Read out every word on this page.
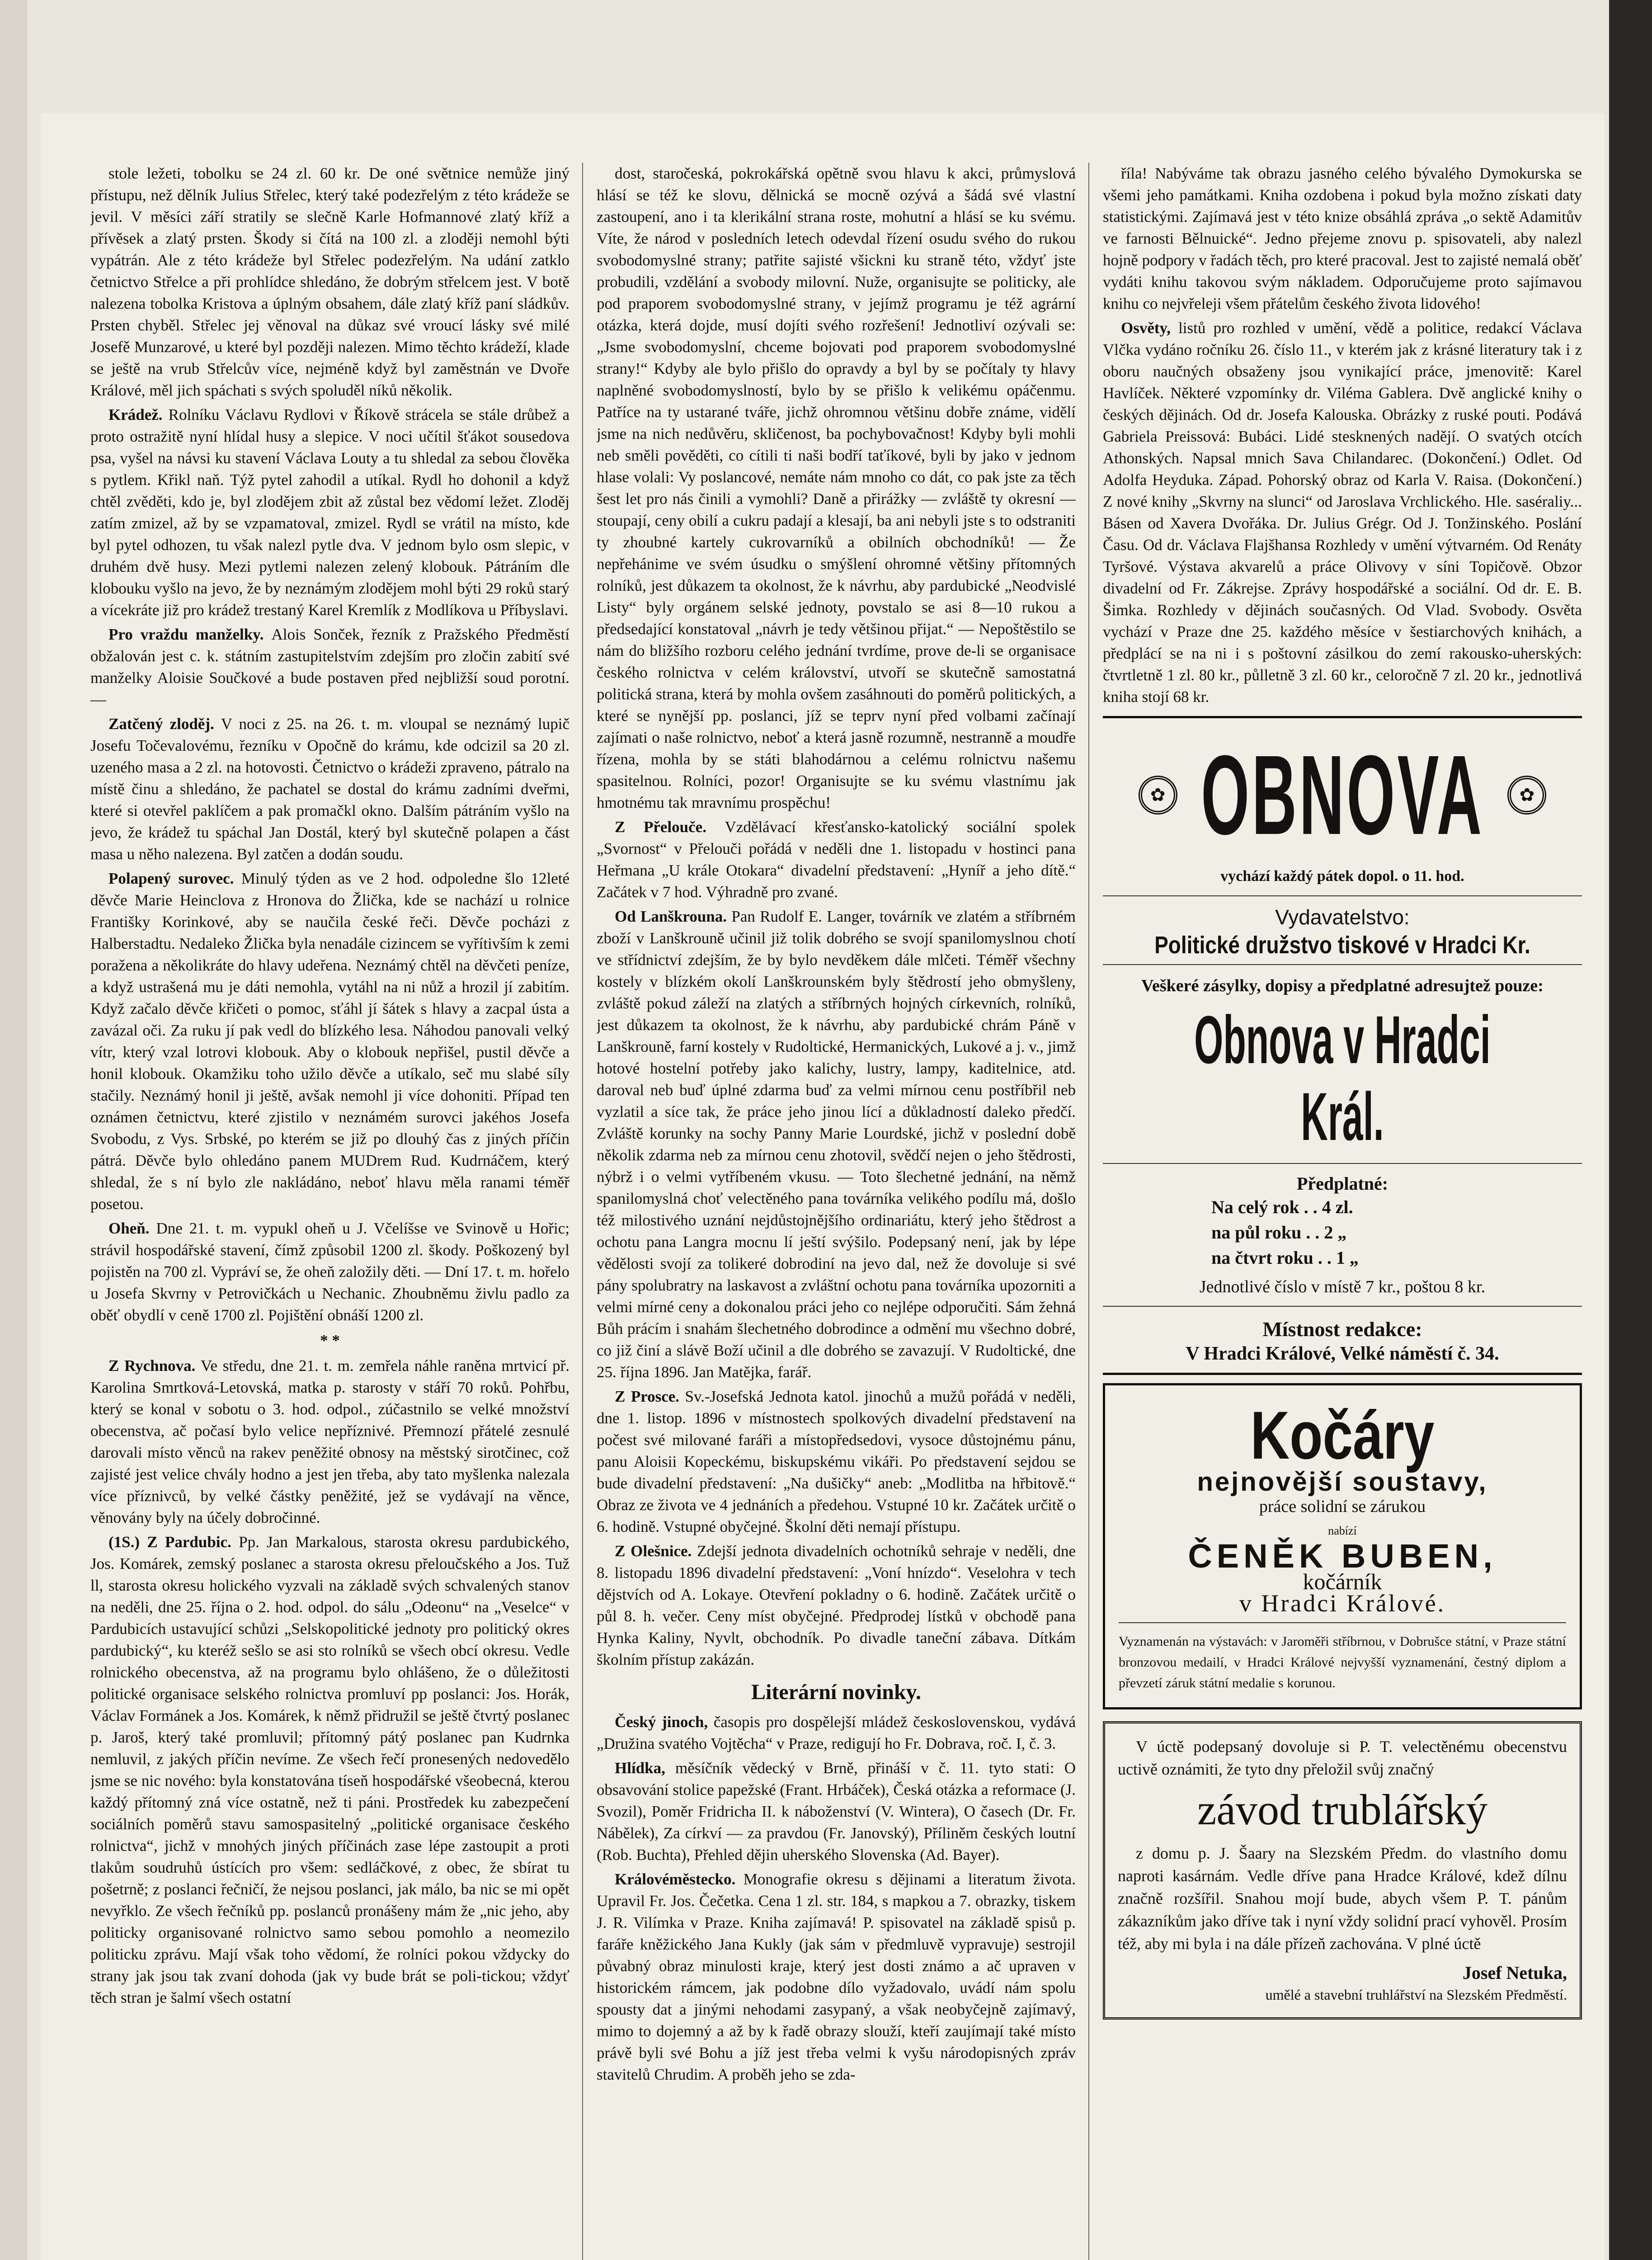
stole ležeti, tobolku se 24 zl. 60 kr. De oné světnice nemůže jiný přístupu, než dělník Julius Střelec, který také podezřelým z této krádeže se jevil. V měsíci září stratily se slečně Karle Hofmannové zlatý kříž a přívěsek a zlatý prsten. Škody si čítá na 100 zl. a zloději nemohl býti vypátrán. Ale z této krádeže byl Střelec podezřelým. Na udání zatklo četnictvo Střelce a při prohlídce shledáno, že dobrým střelcem jest. V botě nalezena tobolka Kristova a úplným obsahem, dále zlatý kříž paní sládkův. Prsten chyběl. Střelec jej věnoval na důkaz své vroucí lásky své milé Josefě Munzarové, u které byl později nalezen. Mimo těchto krádeží, klade se ještě na vrub Střelcův více, nejméně když byl zaměstnán ve Dvoře Králové, měl jich spáchati s svých spoluděl níků několik.

Krádež. Rolníku Václavu Rydlovi v Říkově strácela se stále drůbež a proto ostražitě nyní hlídal husy a slepice. V noci učítil šťákot sousedova psa, vyšel na návsi ku stavení Václava Louty a tu shledal za sebou člověka s pytlem. Křikl naň. Týž pytel zahodil a utíkal. Rydl ho dohonil a když chtěl zvěděti, kdo je, byl zlodějem zbit až zůstal bez vědomí ležet. Zloděj zatím zmizel, až by se vzpamatoval, zmizel. Rydl se vrátil na místo, kde byl pytel odhozen, tu však nalezl pytle dva. V jednom bylo osm slepic, v druhém dvě husy. Mezi pytlemi nalezen zelený klobouk. Pátráním dle klobouku vyšlo na jevo, že by neznámým zlodějem mohl býti 29 roků starý a vícekráte již pro krádež trestaný Karel Kremlík z Modlíkova u Příbyslavi.

Pro vraždu manželky. Alois Sonček, řezník z Pražského Předměstí obžalován jest c. k. státním zastupitelstvím zdejším pro zločin zabití své manželky Aloisie Součkové a bude postaven před nejbližší soud porotní. —

Zatčený zloděj. V noci z 25. na 26. t. m. vloupal se neznámý lupič Josefu Točevalovému, řezníku v Opočně do krámu, kde odcizil sa 20 zl. uzeného masa a 2 zl. na hotovosti. Četnictvo o krádeži zpraveno, pátralo na místě činu a shledáno, že pachatel se dostal do krámu zadními dveřmi, které si otevřel paklíčem a pak promačkl okno. Dalším pátráním vyšlo na jevo, že krádež tu spáchal Jan Dostál, který byl skutečně polapen a část masa u něho nalezena. Byl zatčen a dodán soudu.

Polapený surovec. Minulý týden as ve 2 hod. odpoledne šlo 12leté děvče Marie Heinclova z Hronova do Žlička, kde se nachází u rolnice Františky Korinkové, aby se naučila české řeči. Děvče pocházi z Halberstadtu. Nedaleko Žlička byla nenadále cizincem se vyřítivším k zemi poražena a několikráte do hlavy udeřena. Neznámý chtěl na děvčeti peníze, a když ustrašená mu je dáti nemohla, vytáhl na ni nůž a hrozil jí zabitím. Když začalo děvče křičeti o pomoc, sťáhl jí šátek s hlavy a zacpal ústa a zavázal oči. Za ruku jí pak vedl do blízkého lesa. Náhodou panovali velký vítr, který vzal lotrovi klobouk. Aby o klobouk nepřišel, pustil děvče a honil klobouk. Okamžiku toho užilo děvče a utíkalo, seč mu slabé síly stačily. Neznámý honil ji ještě, avšak nemohl ji více dohoniti. Případ ten oznámen četnictvu, které zjistilo v neznámém surovci jakéhos Josefa Svobodu, z Vys. Srbské, po kterém se již po dlouhý čas z jiných příčin pátrá. Děvče bylo ohledáno panem MUDrem Rud. Kudrnáčem, který shledal, že s ní bylo zle nakládáno, neboť hlavu měla ranami téměř posetou.

Oheň. Dne 21. t. m. vypukl oheň u J. Včelíšse ve Svinově u Hořic; strávil hospodářské stavení, čímž způsobil 1200 zl. škody. Poškozený byl pojistěn na 700 zl. Vypráví se, že oheň založily děti. — Dní 17. t. m. hořelo u Josefa Skvrny v Petrovičkách u Nechanic. Zhoubněmu živlu padlo za oběť obydlí v ceně 1700 zl. Pojištění obnáší 1200 zl.

* *

Z Rychnova. Ve středu, dne 21. t. m. zemřela náhle raněna mrtvicí př. Karolina Smrtková-Letovská, matka p. starosty v stáří 70 roků. Pohřbu, který se konal v sobotu o 3. hod. odpol., zúčastnilo se velké množství obecenstva, ač počasí bylo velice nepříznivé. Přemnozí přátelé zesnulé darovali místo věnců na rakev peněžité obnosy na městský sirotčinec, což zajisté jest velice chvály hodno a jest jen třeba, aby tato myšlenka nalezala více příznivců, by velké částky peněžité, jež se vydávají na věnce, věnovány byly na účely dobročinné.

(1S.) Z Pardubic. Pp. Jan Markalous, starosta okresu pardubického, Jos. Komárek, zemský poslanec a starosta okresu přeloučského a Jos. Tuž ll, starosta okresu holického vyzvali na základě svých schvalených stanov na neděli, dne 25. října o 2. hod. odpol. do sálu „Odeonu“ na „Veselce“ v Pardubicích ustavující schůzi „Selskopolitické jednoty pro politický okres pardubický“, ku kteréž sešlo se asi sto rolníků se všech obcí okresu. Vedle rolnického obecenstva, až na programu bylo ohlášeno, že o důležitosti politické organisace selského rolnictva promluví pp poslanci: Jos. Horák, Václav Formánek a Jos. Komárek, k němž přidružil se ještě čtvrtý poslanec p. Jaroš, který také promluvil; přítomný pátý poslanec pan Kudrnka nemluvil, z jakých příčin nevíme. Ze všech řečí pronesených nedovedělo jsme se nic nového: byla konstatována tíseň hospodářské všeobecná, kterou každý přítomný zná více ostatně, než ti páni. Prostředek ku zabezpečení sociálních poměrů stavu samospasitelný „politické organisace českého rolnictva“, jichž v mnohých jiných příčinách zase lépe zastoupit a proti tlakům soudruhů ústících pro všem: sedláčkové, z obec, že sbírat tu pošetrně; z poslanci řečničí, že nejsou poslanci, jak málo, ba nic se mi opět nevyřklo. Ze všech řečníků pp. poslanců pronášeny mám že „nic jeho, aby politicky organisované rolnictvo samo sebou pomohlo a neomezilo politicku zprávu. Mají však toho vědomí, že rolníci pokou vždycky do strany jak jsou tak zvaní dohoda (jak vy bude brát se poli-tickou; vždyť těch stran je šalmí všech ostatní

dost, staročeská, pokrokářská opětně svou hlavu k akci, průmyslová hlásí se též ke slovu, dělnická se mocně ozývá a šádá své vlastní zastoupení, ano i ta klerikální strana roste, mohutní a hlásí se ku svému. Víte, že národ v posledních letech odevdal řízení osudu svého do rukou svobodomyslné strany; patřite sajisté všickni ku straně této, vždyť jste probudili, vzdělání a svobody milovní. Nuže, organisujte se politicky, ale pod praporem svobodomyslné strany, v jejímž programu je též agrární otázka, která dojde, musí dojíti svého rozřešení! Jednotliví ozývali se: „Jsme svobodomyslní, chceme bojovati pod praporem svobodomyslné strany!“ Kdyby ale bylo přišlo do opravdy a byl by se počítaly ty hlavy naplněné svobodomyslností, bylo by se přišlo k velikému opáčenmu. Patříce na ty ustarané tváře, jichž ohromnou většinu dobře známe, vidělí jsme na nich nedůvěru, skličenost, ba pochybovačnost! Kdyby byli mohli neb směli pověděti, co cítili ti naši bodří taťíkové, byli by jako v jednom hlase volali: Vy poslancové, nemáte nám mnoho co dát, co pak jste za těch šest let pro nás činili a vymohli? Daně a přirážky — zvláště ty okresní — stoupají, ceny obilí a cukru padají a klesají, ba ani nebyli jste s to odstraniti ty zhoubné kartely cukrovarníků a obilních obchodníků! — Že nepřehánime ve svém úsudku o smýšlení ohromné většiny přítomných rolníků, jest důkazem ta okolnost, že k návrhu, aby pardubické „Neodvislé Listy“ byly orgánem selské jednoty, povstalo se asi 8—10 rukou a předsedající konstatoval „návrh je tedy většinou přijat.“ — Nepoštěstilo se nám do bližšího rozboru celého jednání tvrdíme, prove de-li se organisace českého rolnictva v celém království, utvoří se skutečně samostatná politická strana, která by mohla ovšem zasáhnouti do poměrů politických, a které se nynější pp. poslanci, jíž se teprv nyní před volbami začínají zajímati o naše rolnictvo, neboť a která jasně rozumně, nestranně a moudře řízena, mohla by se státi blahodárnou a celému rolnictvu našemu spasitelnou. Rolníci, pozor! Organisujte se ku svému vlastnímu jak hmotnému tak mravnímu prospěchu!

Z Přelouče. Vzdělávací křesťansko-katolický sociální spolek „Svornost“ v Přelouči pořádá v neděli dne 1. listopadu v hostinci pana Heřmana „U krále Otokara“ divadelní představení: „Hyníř a jeho dítě.“ Začátek v 7 hod. Výhradně pro zvané.

Od Lanškrouna. Pan Rudolf E. Langer, továrník ve zlatém a stříbrném zboží v Lanškrouně učinil již tolik dobrého se svojí spanilomyslnou chotí ve střídnictví zdejším, že by bylo nevděkem dále mlčeti. Téměř všechny kostely v blízkém okolí Lanškrounském byly štědrostí jeho obmyšleny, zvláště pokud záleží na zlatých a stříbrných hojných církevních, rolníků, jest důkazem ta okolnost, že k návrhu, aby pardubické chrám Páně v Lanškrouně, farní kostely v Rudoltické, Hermanických, Lukové a j. v., jimž hotové hostelní potřeby jako kalichy, lustry, lampy, kaditelnice, atd. daroval neb buď úplné zdarma buď za velmi mírnou cenu postříbřil neb vyzlatil a síce tak, že práce jeho jinou lící a důkladností daleko předčí. Zvláště korunky na sochy Panny Marie Lourdské, jichž v poslední době několik zdarma neb za mírnou cenu zhotovil, svědčí nejen o jeho štědrosti, nýbrž i o velmi vytříbeném vkusu. — Toto šlechetné jednání, na němž spanilomyslná choť velectěného pana továrníka velikého podílu má, došlo též milostivého uznání nejdůstojnějšího ordinariátu, který jeho štědrost a ochotu pana Langra mocnu lí ještí svýšilo. Podepsaný není, jak by lépe vědělosti svojí za tolikeré dobrodiní na jevo dal, než že dovoluje si své pány spolubratry na laskavost a zvláštní ochotu pana továrníka upozorniti a velmi mírné ceny a dokonalou práci jeho co nejlépe odporučiti. Sám žehná Bůh prácím i snahám šlechetného dobrodince a odmění mu všechno dobré, co již činí a slávě Boží učinil a dle dobrého se zavazují. V Rudoltické, dne 25. října 1896. Jan Matějka, farář.

Z Prosce. Sv.-Josefská Jednota katol. jinochů a mužů pořádá v neděli, dne 1. listop. 1896 v místnostech spolkových divadelní představení na počest své milované faráři a místopředsedovi, vysoce důstojnému pánu, panu Aloisii Kopeckému, biskupskému vikáři. Po představení sejdou se bude divadelní představení: „Na dušičky“ aneb: „Modlitba na hřbitově.“ Obraz ze života ve 4 jednáních a předehou. Vstupné 10 kr. Začátek určitě o 6. hodině. Vstupné obyčejné. Školní děti nemají přístupu.

Z Olešnice. Zdejší jednota divadelních ochotníků sehraje v neděli, dne 8. listopadu 1896 divadelní představení: „Voní hnízdo“. Veselohra v tech dějstvích od A. Lokaye. Otevření pokladny o 6. hodině. Začátek určitě o půl 8. h. večer. Ceny míst obyčejné. Předprodej lístků v obchodě pana Hynka Kaliny, Nyvlt, obchodník. Po divadle taneční zábava. Dítkám školním přístup zakázán.

Literární novinky.

Český jinoch, časopis pro dospělejší mládež československou, vydává „Družina svatého Vojtěcha“ v Praze, redigují ho Fr. Dobrava, roč. I, č. 3.

Hlídka, měsíčník vědecký v Brně, přináší v č. 11. tyto stati: O obsavování stolice papežské (Frant. Hrbáček), Česká otázka a reformace (J. Svozil), Poměr Fridricha II. k náboženství (V. Wintera), O časech (Dr. Fr. Nábělek), Za církví — za pravdou (Fr. Janovský), Příliněm českých loutní (Rob. Buchta), Přehled dějin uherského Slovenska (Ad. Bayer).

Královéměstecko. Monografie okresu s dějinami a literatum života. Upravil Fr. Jos. Čečetka. Cena 1 zl. str. 184, s mapkou a 7. obrazky, tiskem J. R. Vilímka v Praze. Kniha zajímavá! P. spisovatel na základě spisů p. faráře kněžického Jana Kukly (jak sám v předmluvě vypravuje) sestrojil půvabný obraz minulosti kraje, který jest dosti známo a ač upraven v historickém rámcem, jak podobne dílo vyžadovalo, uvádí nám spolu spousty dat a jinými nehodami zasypaný, a však neobyčejně zajímavý, mimo to dojemný a až by k řadě obrazy slouží, kteří zaujímají také místo právě byli své Bohu a jíž jest třeba velmi k vyšu národopisných zpráv stavitelů Chrudim. A proběh jeho se zda-

říla! Nabýváme tak obrazu jasného celého bývalého Dymokurska se všemi jeho památkami. Kniha ozdobena i pokud byla možno získati daty statistickými. Zajímavá jest v této knize obsáhlá zpráva „o sektě Adamitův ve farnosti Bělnuické“. Jedno přejeme znovu p. spisovateli, aby nalezl hojně podpory v řadách těch, pro které pracoval. Jest to zajisté nemalá oběť vydáti knihu takovou svým nákladem. Odporučujeme proto sajímavou knihu co nejvřeleji všem přátelům českého života lidového!

Osvěty, listů pro rozhled v umění, vědě a politice, redakcí Václava Vlčka vydáno ročníku 26. číslo 11., v kterém jak z krásné literatury tak i z oboru naučných obsaženy jsou vynikající práce, jmenovitě: Karel Havlíček. Některé vzpomínky dr. Viléma Gablera. Dvě anglické knihy o českých dějinách. Od dr. Josefa Kalouska. Obrázky z ruské pouti. Podává Gabriela Preissová: Bubáci. Lidé stesknených nadějí. O svatých otcích Athonských. Napsal mnich Sava Chilandarec. (Dokončení.) Odlet. Od Adolfa Heyduka. Západ. Pohorský obraz od Karla V. Raisa. (Dokončení.) Z nové knihy „Skvrny na slunci“ od Jaroslava Vrchlického. Hle. saséraliy... Básen od Xavera Dvořáka. Dr. Julius Grégr. Od J. Tonžinského. Poslání Času. Od dr. Václava Flajšhansa Rozhledy v umění výtvarném. Od Renáty Tyršové. Výstava akvarelů a práce Olivovy v síni Topičově. Obzor divadelní od Fr. Zákrejse. Zprávy hospodářské a sociální. Od dr. E. B. Šimka. Rozhledy v dějinách současných. Od Vlad. Svobody. Osvěta vychází v Praze dne 25. každého měsíce v šestiarchových knihách, a předplácí se na ni i s poštovní zásilkou do zemí rakousko-uherských: čtvrtletně 1 zl. 80 kr., půlletně 3 zl. 60 kr., celoročně 7 zl. 20 kr., jednotlivá kniha stojí 68 kr.

✿ OBNOVA	✿
vychází každý pátek dopol. o 11. hod.
Vydavatelstvo:
Politické družstvo tiskové v Hradci Kr.
Veškeré zásylky, dopisy a předplatné adresujtež pouze:
Obnova v Hradci Král.
Předplatné:
Na celý rok . . 4 zl.
na půl roku . . 2 „
na čtvrt roku . . 1 „
Jednotlivé číslo v místě 7 kr., poštou 8 kr.
Místnost redakce:
V Hradci Králové, Velké náměstí č. 34.
Kočáry
nejnovější soustavy,
práce solidní se zárukou
nabízí
ČENĚK BUBEN,
kočárník
v Hradci Králové.
Vyznamenán na výstavách: v Jaroměři stříbrnou, v Dobrušce státní, v Praze státní bronzovou medailí, v Hradci Králové nejvyšší vyznamenání, čestný diplom a převzetí záruk státní medalie s korunou.

V úctě podepsaný dovoluje si P. T. velectěnému obecenstvu uctivě oznámiti, že tyto dny přeložil svůj značný

závod trublářský

z domu p. J. Šaary na Slezském Předm. do vlastního domu naproti kasárnám. Vedle dříve pana Hradce Králové, kdež dílnu značně rozšířil. Snahou mojí bude, abych všem P. T. pánům zákazníkům jako dříve tak i nyní vždy solidní prací vyhověl. Prosím též, aby mi byla i na dále přízeň zachována. V plné úctě

Josef Netuka,
umělé a stavební truhlářství na Slezském Předměstí.
